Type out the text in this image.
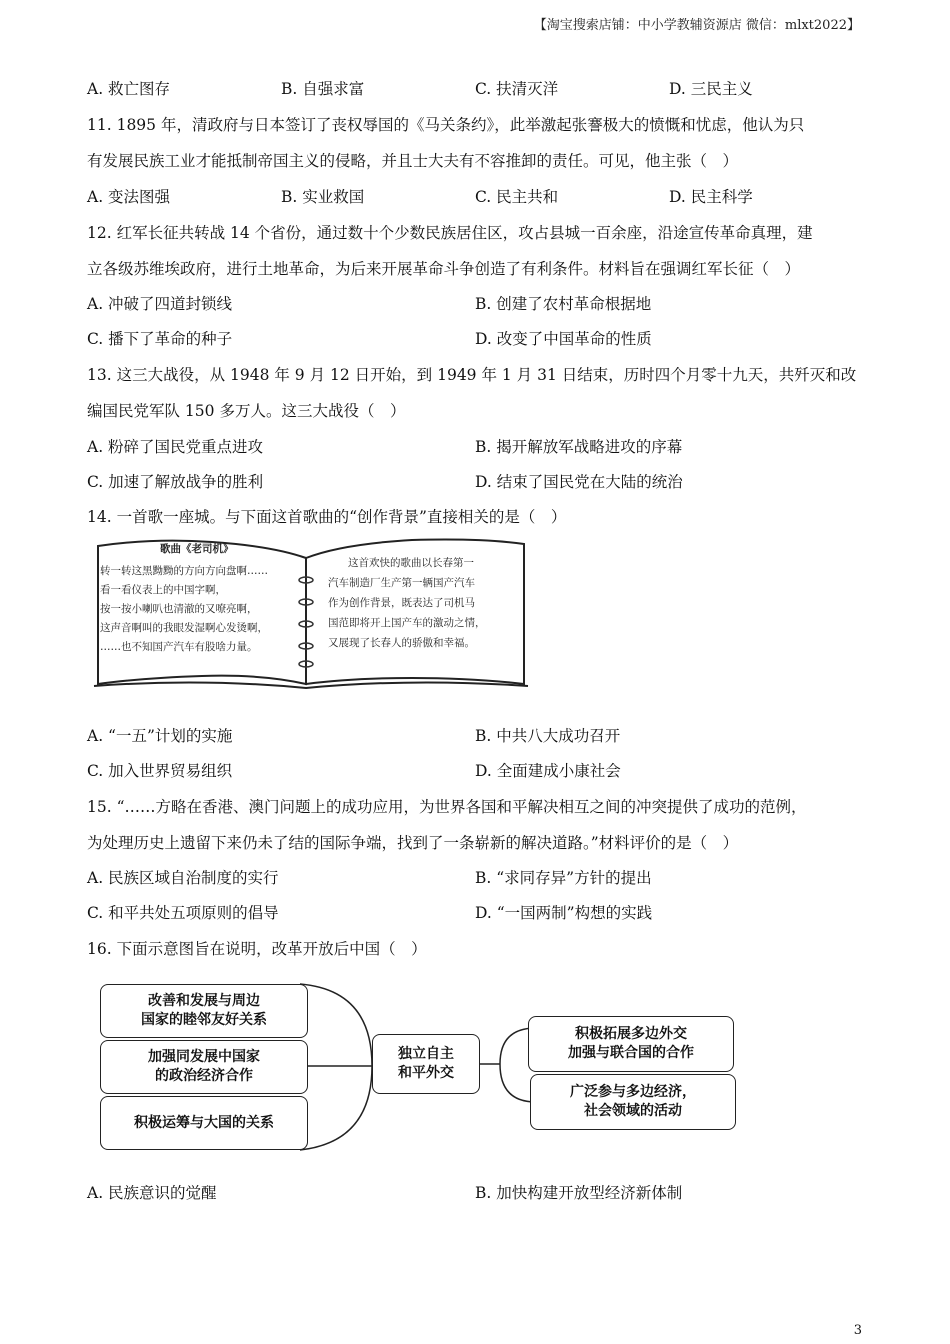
【淘宝搜索店铺：中小学教辅资源店 微信：mlxt2022】
A. 救亡图存	B. 自强求富	C. 扶清灭洋	D. 三民主义
11. 1895 年，清政府与日本签订了丧权辱国的《马关条约》，此举激起张謇极大的愤慨和忧虑，他认为只
有发展民族工业才能抵制帝国主义的侵略，并且士大夫有不容推卸的责任。可见，他主张（　）
A. 变法图强	B. 实业救国	C. 民主共和	D. 民主科学
12. 红军长征共转战 14 个省份，通过数十个少数民族居住区，攻占县城一百余座，沿途宣传革命真理，建
立各级苏维埃政府，进行土地革命，为后来开展革命斗争创造了有利条件。材料旨在强调红军长征（　）
A. 冲破了四道封锁线	B. 创建了农村革命根据地
C. 播下了革命的种子	D. 改变了中国革命的性质
13. 这三大战役，从 1948 年 9 月 12 日开始，到 1949 年 1 月 31 日结束，历时四个月零十九天，共歼灭和改
编国民党军队 150 多万人。这三大战役（　）
A. 粉碎了国民党重点进攻	B. 揭开解放军战略进攻的序幕
C. 加速了解放战争的胜利	D. 结束了国民党在大陆的统治
14. 一首歌一座城。与下面这首歌曲的“创作背景”直接相关的是（　）
歌曲《老司机》
转一转这黑黝黝的方向方向盘啊……
看一看仪表上的中国字啊，
按一按小喇叭也清澈的又嘹亮啊，
这声音啊叫的我眼发湿啊心发烫啊，
……也不知国产汽车有股啥力量。
这首欢快的歌曲以长春第一
汽车制造厂生产第一辆国产汽车
作为创作背景，既表达了司机马
国范即将开上国产车的激动之情，
又展现了长春人的骄傲和幸福。
A. “一五”计划的实施	B. 中共八大成功召开
C. 加入世界贸易组织	D. 全面建成小康社会
15. “……方略在香港、澳门问题上的成功应用，为世界各国和平解决相互之间的冲突提供了成功的范例，
为处理历史上遗留下来仍未了结的国际争端，找到了一条崭新的解决道路。”材料评价的是（　）
A. 民族区域自治制度的实行	B. “求同存异”方针的提出
C. 和平共处五项原则的倡导	D. “一国两制”构想的实践
16. 下面示意图旨在说明，改革开放后中国（　）
改善和发展与周边
国家的睦邻友好关系
加强同发展中国家
的政治经济合作
积极运筹与大国的关系
独立自主
和平外交
积极拓展多边外交
加强与联合国的合作
广泛参与多边经济，
社会领域的活动
A. 民族意识的觉醒	B. 加快构建开放型经济新体制
3
